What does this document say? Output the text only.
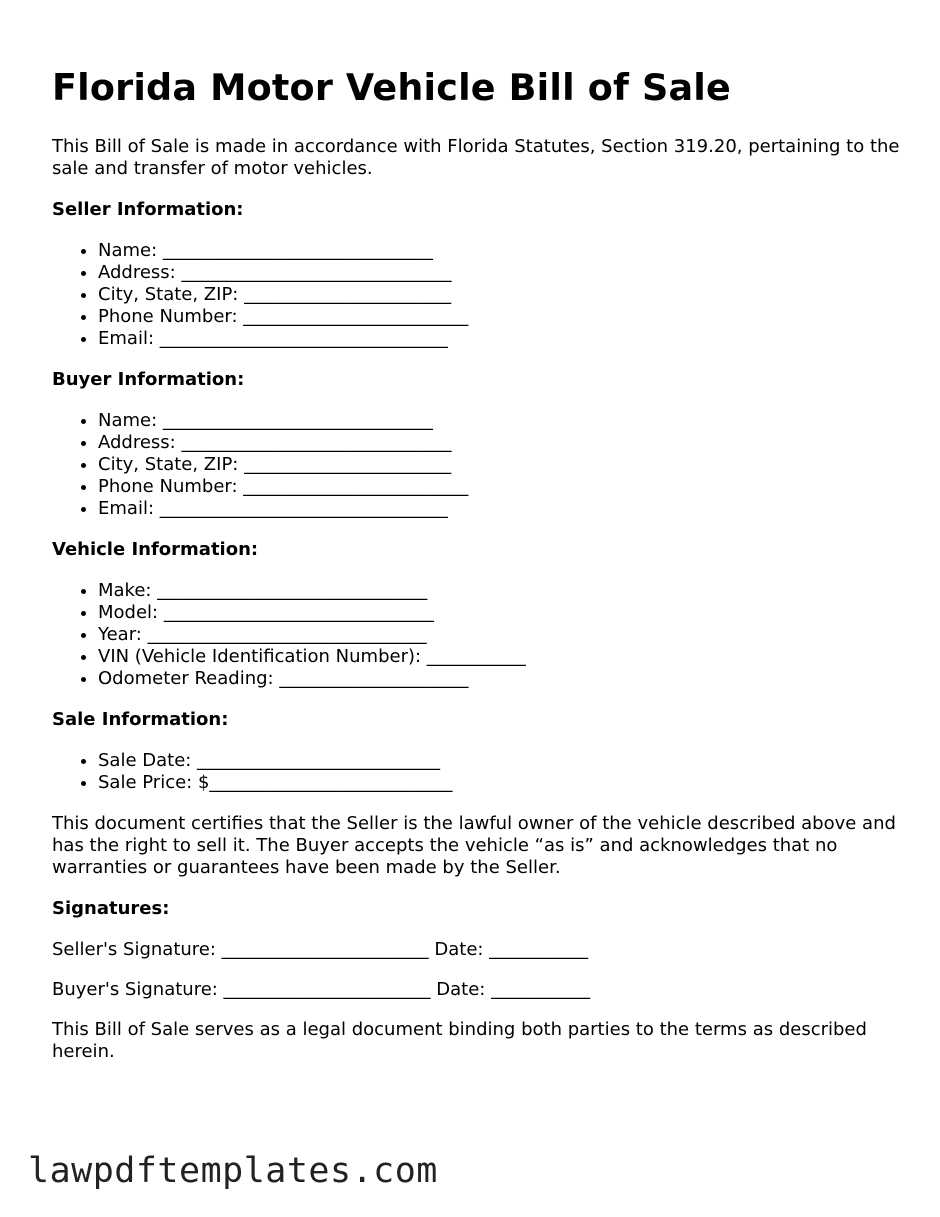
Florida Motor Vehicle Bill of Sale

This Bill of Sale is made in accordance with Florida Statutes, Section 319.20, pertaining to the sale and transfer of motor vehicles.

Seller Information:
• Name: ______________________________
• Address: ______________________________
• City, State, ZIP: _______________________
• Phone Number: _________________________
• Email: ________________________________
Buyer Information:
• Name: ______________________________
• Address: ______________________________
• City, State, ZIP: _______________________
• Phone Number: _________________________
• Email: ________________________________
Vehicle Information:
• Make: ______________________________
• Model: ______________________________
• Year: _______________________________
• VIN (Vehicle Identification Number): ___________
• Odometer Reading: _____________________
Sale Information:
• Sale Date: ___________________________
• Sale Price: $___________________________

This document certifies that the Seller is the lawful owner of the vehicle described above and has the right to sell it. The Buyer accepts the vehicle “as is” and acknowledges that no warranties or guarantees have been made by the Seller.

Signatures:
Seller's Signature: _______________________ Date: ___________
Buyer's Signature: _______________________ Date: ___________

This Bill of Sale serves as a legal document binding both parties to the terms as described herein.

lawpdftemplates.com
